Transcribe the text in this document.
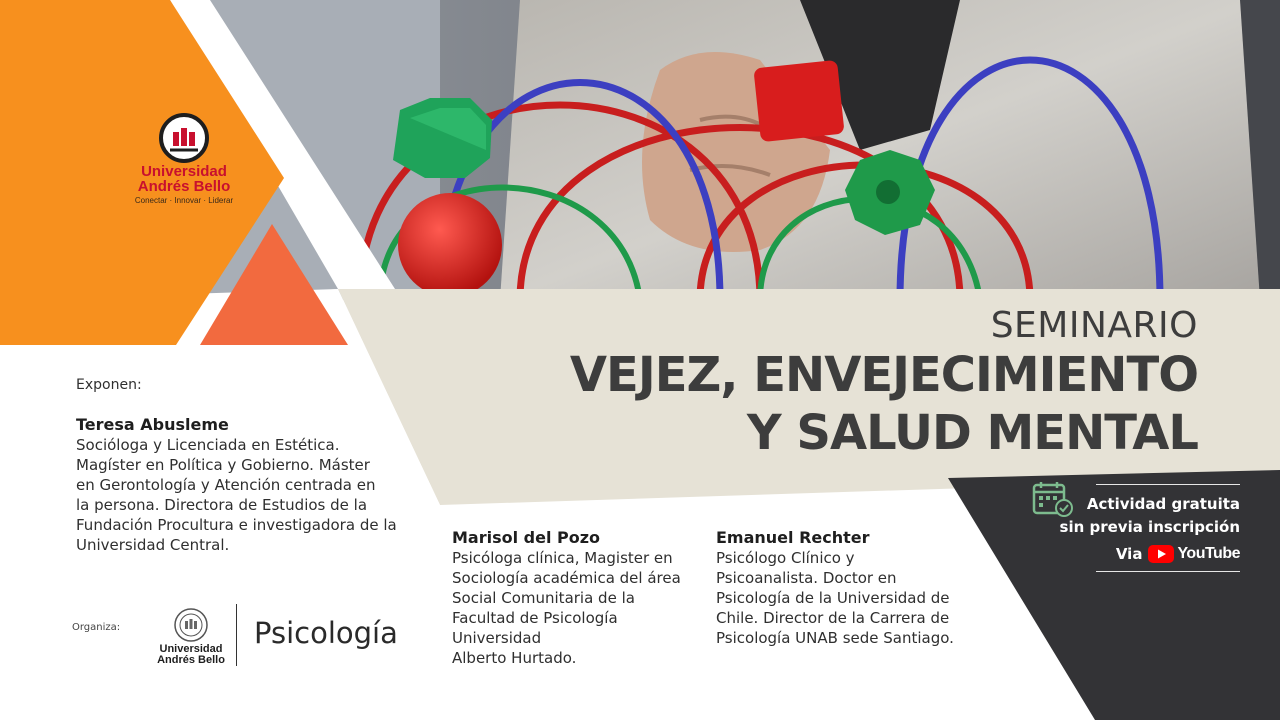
Universidad
Andrés Bello
Conectar · Innovar · Liderar
SEMINARIO
VEJEZ, ENVEJECIMIENTO
Y SALUD MENTAL
Exponen:
Teresa Abusleme
Socióloga y Licenciada en Estética.
Magíster en Política y Gobierno. Máster
en Gerontología y Atención centrada en
la persona. Directora de Estudios de la
Fundación Procultura e investigadora de la
Universidad Central.	Marisol del Pozo
Psicóloga clínica, Magister en
Sociología académica del área
Social Comunitaria de la
Facultad de Psicología
Universidad
Alberto Hurtado.
Emanuel Rechter
Psicólogo Clínico y
Psicoanalista. Doctor en
Psicología de la Universidad de
Chile. Director de la Carrera de
Psicología UNAB sede Santiago.
Organiza:
Universidad
Andrés Bello
Psicología
Actividad gratuita
sin previa inscripción
Via YouTube
